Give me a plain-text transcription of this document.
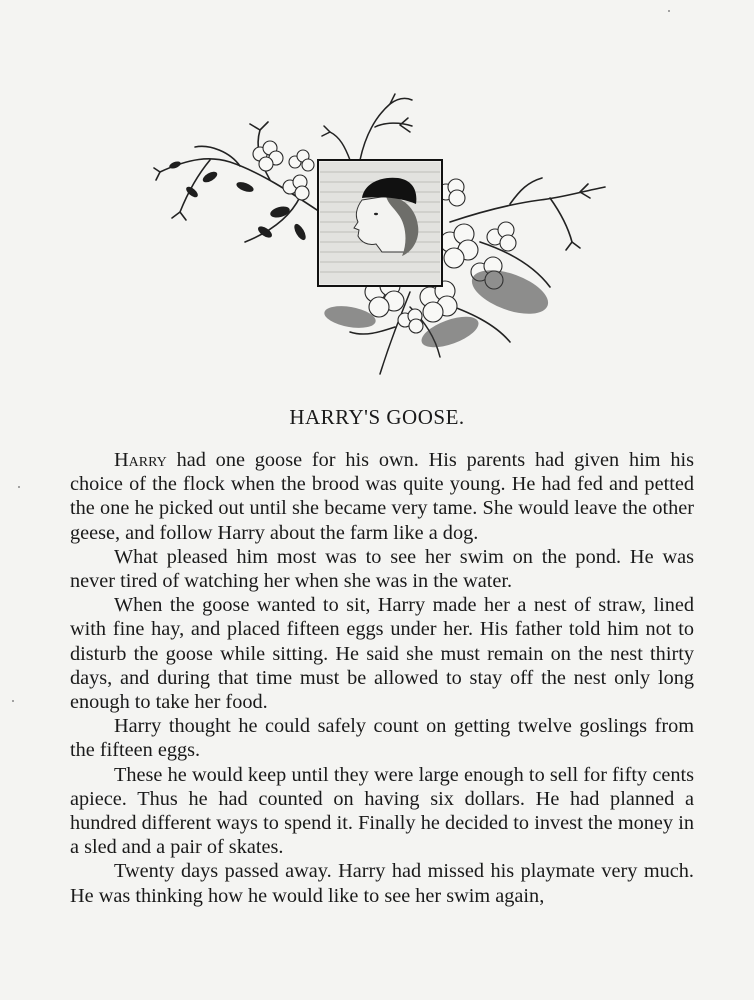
HARRY'S GOOSE.

Harry had one goose for his own. His parents had given him his choice of the flock when the brood was quite young. He had fed and petted the one he picked out until she became very tame. She would leave the other geese, and follow Harry about the farm like a dog.

What pleased him most was to see her swim on the pond. He was never tired of watching her when she was in the water.

When the goose wanted to sit, Harry made her a nest of straw, lined with fine hay, and placed fifteen eggs under her. His father told him not to disturb the goose while sitting. He said she must remain on the nest thirty days, and during that time must be allowed to stay off the nest only long enough to take her food.

Harry thought he could safely count on getting twelve goslings from the fifteen eggs.

These he would keep until they were large enough to sell for fifty cents apiece. Thus he had counted on having six dollars. He had planned a hundred different ways to spend it. Finally he decided to invest the money in a sled and a pair of skates.

Twenty days passed away. Harry had missed his playmate very much. He was thinking how he would like to see her swim again,
